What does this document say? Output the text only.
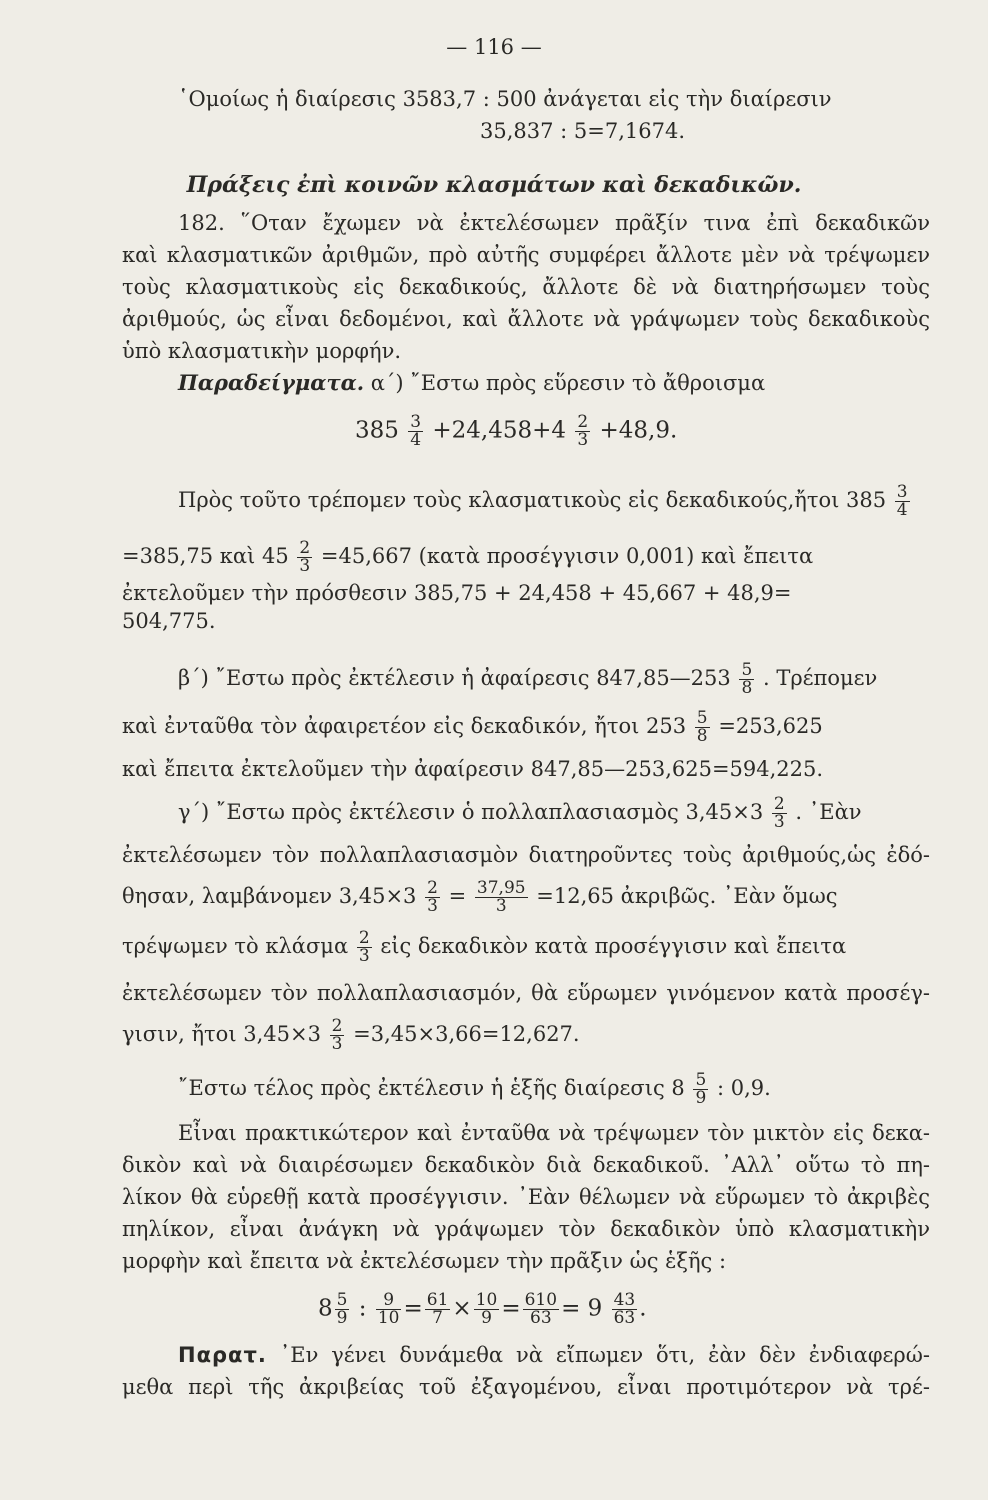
— 116 —
῾Ομοίως ἡ διαίρεσις 3583,7 : 500 ἀνάγεται εἰς τὴν διαίρεσιν
35,837 : 5=7,1674.
Πράξεις ἐπὶ κοινῶν κλασμάτων καὶ δεκαδικῶν.
182. ῞Οταν ἔχωμεν νὰ ἐκτελέσωμεν πρᾶξίν τινα ἐπὶ δεκαδικῶν
καὶ κλασματικῶν ἀριθμῶν, πρὸ αὐτῆς συμφέρει ἄλλοτε μὲν νὰ τρέψωμεν
τοὺς κλασματικοὺς εἰς δεκαδικούς, ἄλλοτε δὲ νὰ διατηρήσωμεν τοὺς
ἀριθμούς, ὡς εἶναι δεδομένοι, καὶ ἄλλοτε νὰ γράψωμεν τοὺς δεκαδικοὺς
ὑπὸ κλασματικὴν μορφήν.
Παραδείγματα. α΄) ῎Εστω πρὸς εὕρεσιν τὸ ἄθροισμα
$385 \frac{3}{4} +24,458+4 \frac{2}{3} +48,9$.
Πρὸς τοῦτο τρέπομεν τοὺς κλασματικοὺς εἰς δεκαδικούς,ἤτοι $385 \frac{3}{4}$
=385,75 καὶ $45 \frac{2}{3} =45,667$ (κατὰ προσέγγισιν 0,001) καὶ ἔπειτα
ἐκτελοῦμεν τὴν πρόσθεσιν 385,75 + 24,458 + 45,667 + 48,9=
504,775.
β΄) ῎Εστω πρὸς ἐκτέλεσιν ἡ ἀφαίρεσις 847,85—253 $\frac{5}{8}$ . Τρέπομεν
καὶ ἐνταῦθα τὸν ἀφαιρετέον εἰς δεκαδικόν, ἤτοι $253 \frac{5}{8} =253,625$
καὶ ἔπειτα ἐκτελοῦμεν τὴν ἀφαίρεσιν 847,85—253,625=594,225.
γ΄) ῎Εστω πρὸς ἐκτέλεσιν ὁ πολλαπλασιασμὸς $3,45\times 3 \frac{2}{3}$ . ᾿Εὰν
ἐκτελέσωμεν τὸν πολλαπλασιασμὸν διατηροῦντες τοὺς ἀριθμούς,ὡς ἐδό-
θησαν, λαμβάνομεν $3,45\times 3 \frac{2}{3} = \frac{37,95}{3} =12,65$ ἀκριβῶς. ᾿Εὰν ὅμως
τρέψωμεν τὸ κλάσμα $\frac{2}{3}$ εἰς δεκαδικὸν κατὰ προσέγγισιν καὶ ἔπειτα
ἐκτελέσωμεν τὸν πολλαπλασιασμόν, θὰ εὕρωμεν γινόμενον κατὰ προσέγ-
γισιν, ἤτοι $3,45\times 3 \frac{2}{3} =3,45\times 3,66=12,627$.
῎Εστω τέλος πρὸς ἐκτέλεσιν ἡ ἑξῆς διαίρεσις $8 \frac{5}{9}$ : 0,9.
Εἶναι πρακτικώτερον καὶ ἐνταῦθα νὰ τρέψωμεν τὸν μικτὸν εἰς δεκα-
δικὸν καὶ νὰ διαιρέσωμεν δεκαδικὸν διὰ δεκαδικοῦ. ᾿Αλλ᾿ οὕτω τὸ πη-
λίκον θὰ εὑρεθῇ κατὰ προσέγγισιν. ᾿Εὰν θέλωμεν νὰ εὕρωμεν τὸ ἀκριβὲς
πηλίκον, εἶναι ἀνάγκη νὰ γράψωμεν τὸν δεκαδικὸν ὑπὸ κλασματικὴν
μορφὴν καὶ ἔπειτα νὰ ἐκτελέσωμεν τὴν πρᾶξιν ὡς ἑξῆς :
$8 \frac{5}{9}$ : $\frac{9}{10} = \frac{61}{7} \times \frac{10}{9} = \frac{610}{63} = 9 \frac{43}{63}$ .
Παρατ. ᾿Εν γένει δυνάμεθα νὰ εἴπωμεν ὅτι, ἐὰν δὲν ἐνδιαφερώ-
μεθα περὶ τῆς ἀκριβείας τοῦ ἐξαγομένου, εἶναι προτιμότερον νὰ τρέ-
